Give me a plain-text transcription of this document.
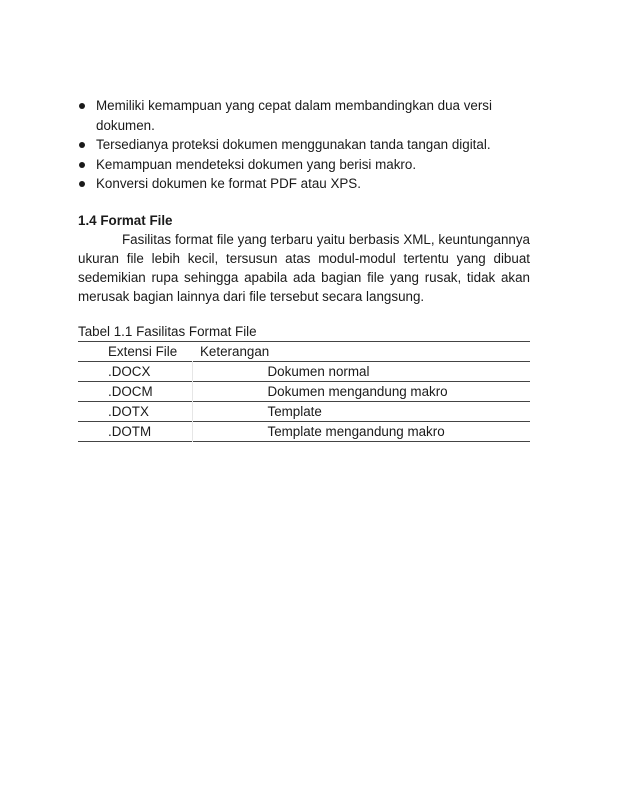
Memiliki kemampuan yang cepat dalam membandingkan dua versi dokumen.
Tersedianya proteksi dokumen menggunakan tanda tangan digital.
Kemampuan mendeteksi dokumen yang berisi makro.
Konversi dokumen ke format PDF atau XPS.
1.4 Format File

Fasilitas format file yang terbaru yaitu berbasis XML, keuntungannya ukuran file lebih kecil, tersusun atas modul-modul tertentu yang dibuat sedemikian rupa sehingga apabila ada bagian file yang rusak, tidak akan merusak bagian lainnya dari file tersebut secara langsung.

Tabel 1.1 Fasilitas Format File
Extensi File	Keterangan
.DOCX	Dokumen normal
.DOCM	Dokumen mengandung makro
.DOTX	Template
.DOTM	Template mengandung makro
